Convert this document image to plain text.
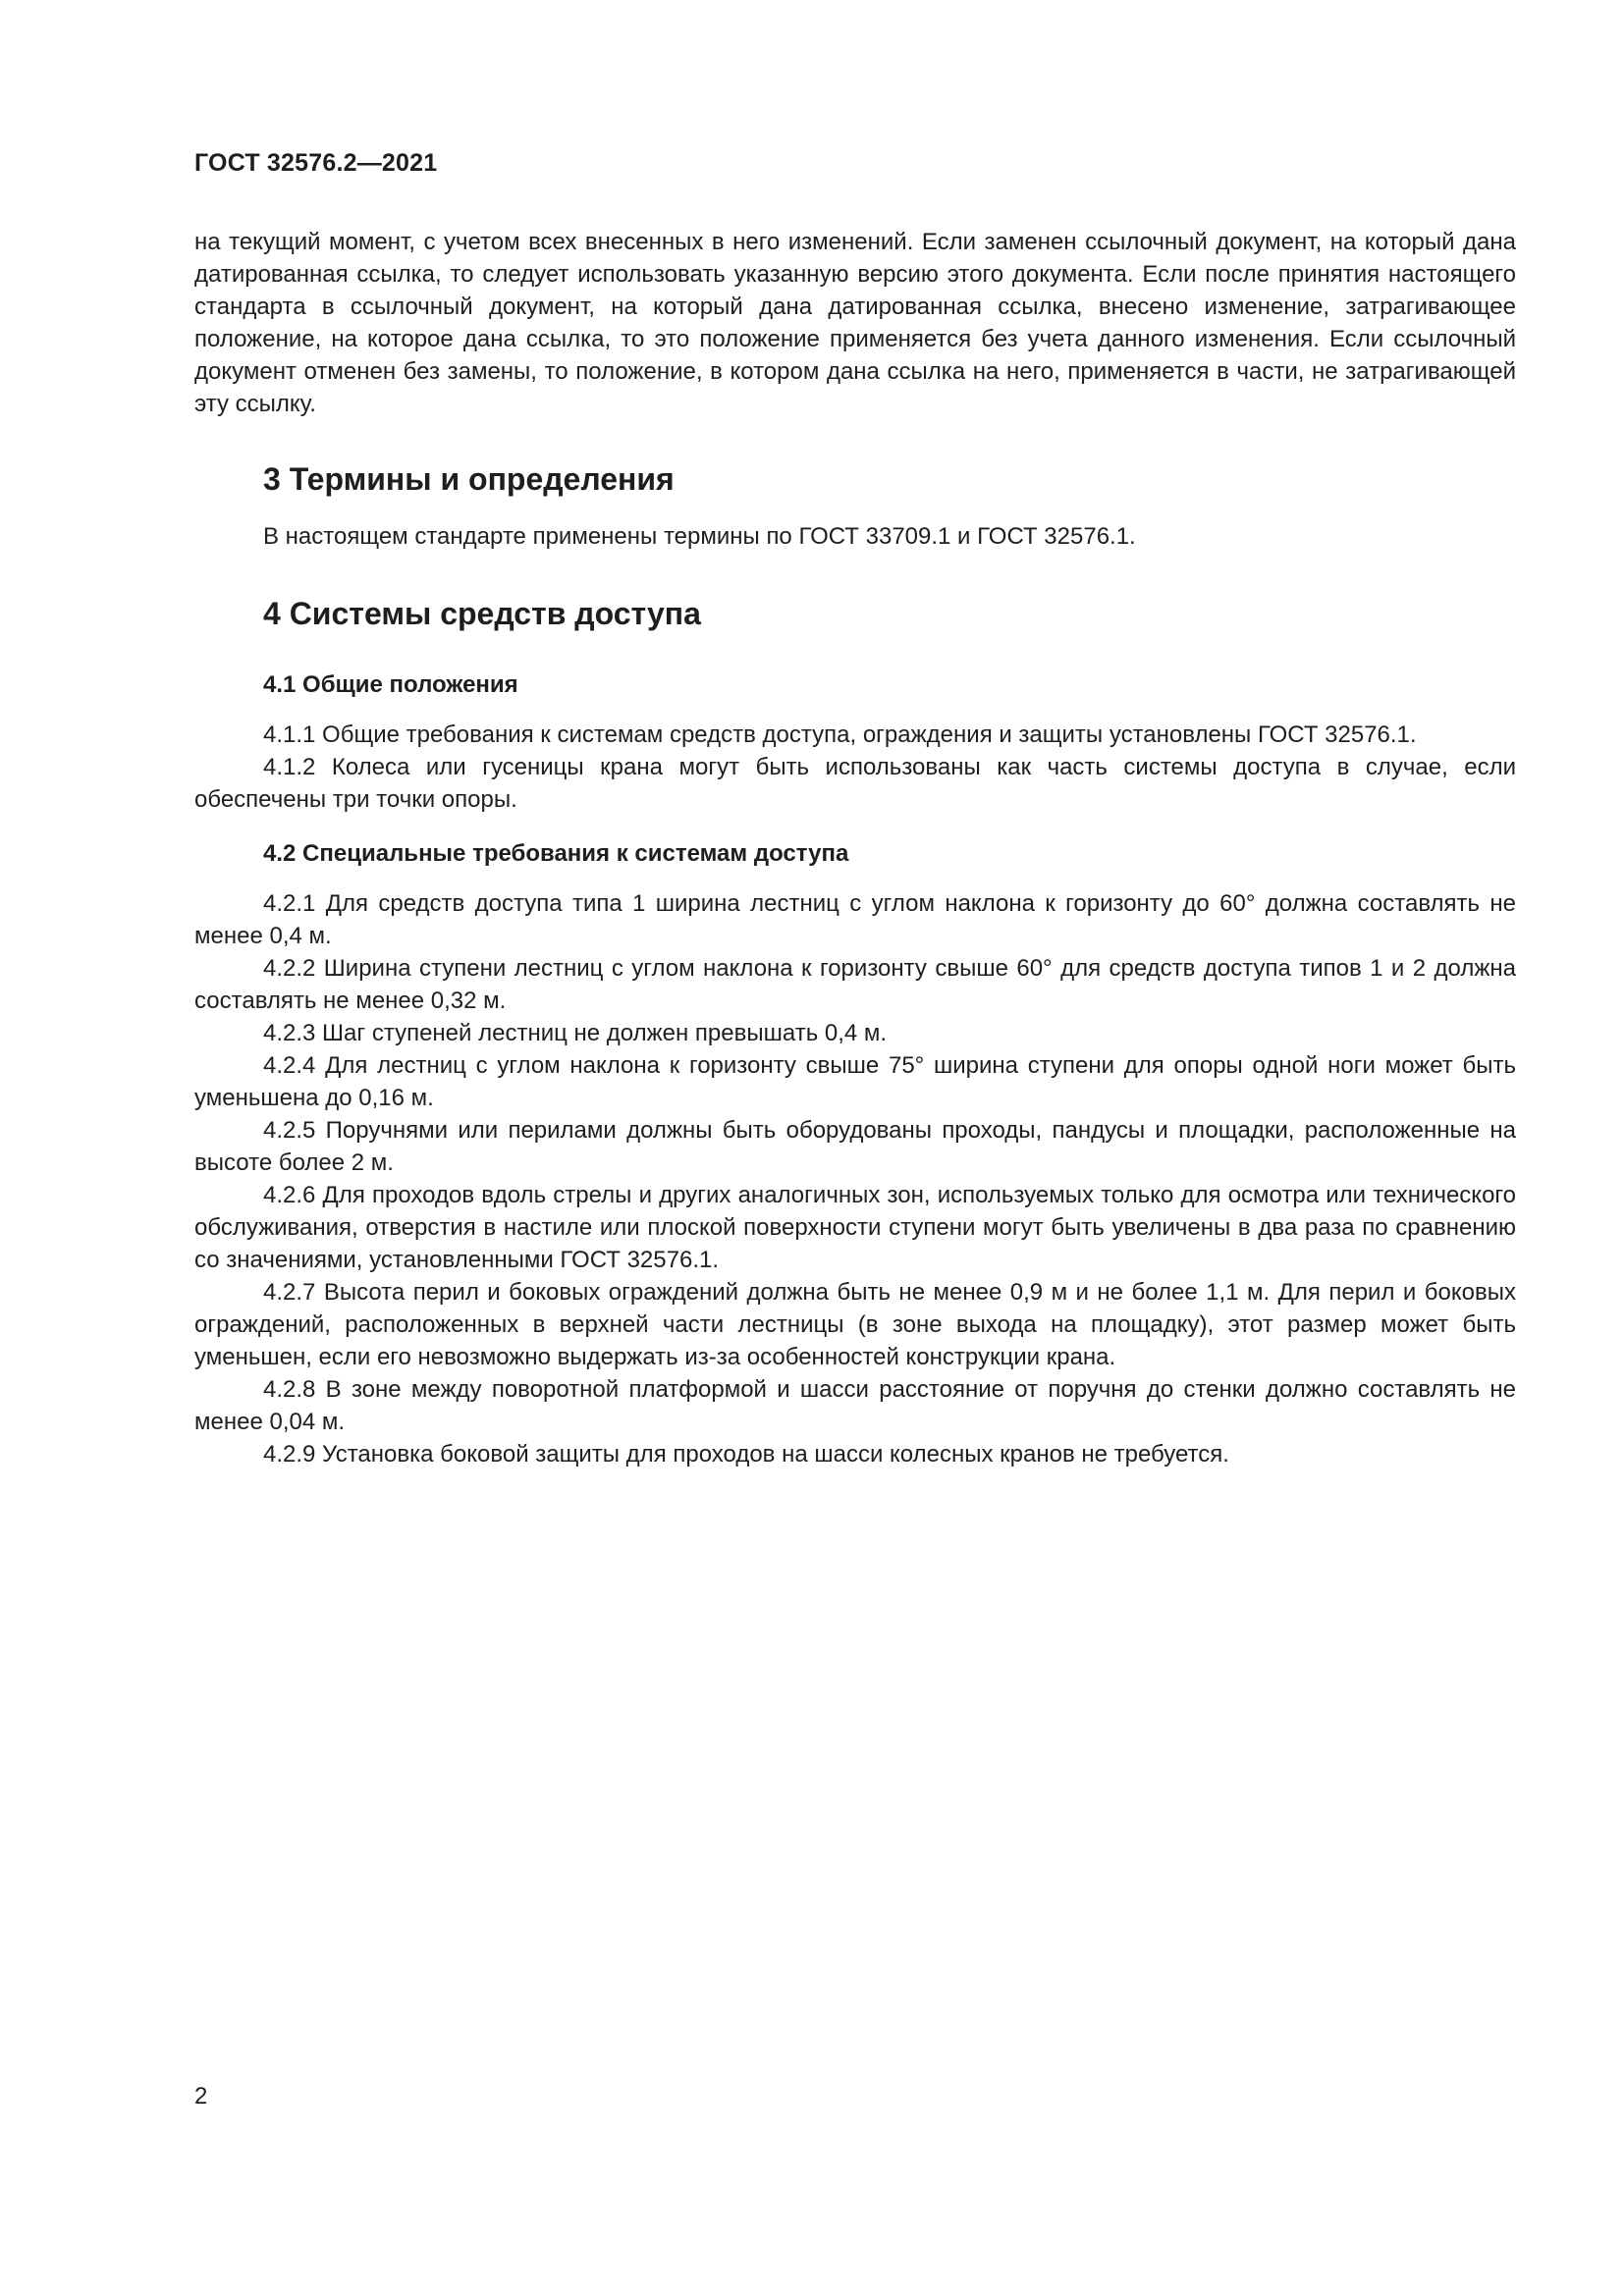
ГОСТ 32576.2—2021

на текущий момент, с учетом всех внесенных в него изменений. Если заменен ссылочный документ, на который дана датированная ссылка, то следует использовать указанную версию этого документа. Если после принятия настоящего стандарта в ссылочный документ, на который дана датированная ссылка, внесено изменение, затрагивающее положение, на которое дана ссылка, то это положение применяется без учета данного изменения. Если ссылочный документ отменен без замены, то положение, в котором дана ссылка на него, применяется в части, не затрагивающей эту ссылку.

3 Термины и определения

В настоящем стандарте применены термины по ГОСТ 33709.1 и ГОСТ 32576.1.

4 Системы средств доступа
4.1 Общие положения

4.1.1 Общие требования к системам средств доступа, ограждения и защиты установлены ГОСТ 32576.1.

4.1.2 Колеса или гусеницы крана могут быть использованы как часть системы доступа в случае, если обеспечены три точки опоры.

4.2 Специальные требования к системам доступа

4.2.1 Для средств доступа типа 1 ширина лестниц с углом наклона к горизонту до 60° должна составлять не менее 0,4 м.

4.2.2 Ширина ступени лестниц с углом наклона к горизонту свыше 60° для средств доступа типов 1 и 2 должна составлять не менее 0,32 м.

4.2.3 Шаг ступеней лестниц не должен превышать 0,4 м.

4.2.4 Для лестниц с углом наклона к горизонту свыше 75° ширина ступени для опоры одной ноги может быть уменьшена до 0,16 м.

4.2.5 Поручнями или перилами должны быть оборудованы проходы, пандусы и площадки, расположенные на высоте более 2 м.

4.2.6 Для проходов вдоль стрелы и других аналогичных зон, используемых только для осмотра или технического обслуживания, отверстия в настиле или плоской поверхности ступени могут быть увеличены в два раза по сравнению со значениями, установленными ГОСТ 32576.1.

4.2.7 Высота перил и боковых ограждений должна быть не менее 0,9 м и не более 1,1 м. Для перил и боковых ограждений, расположенных в верхней части лестницы (в зоне выхода на площадку), этот размер может быть уменьшен, если его невозможно выдержать из-за особенностей конструкции крана.

4.2.8 В зоне между поворотной платформой и шасси расстояние от поручня до стенки должно составлять не менее 0,04 м.

4.2.9 Установка боковой защиты для проходов на шасси колесных кранов не требуется.

2
